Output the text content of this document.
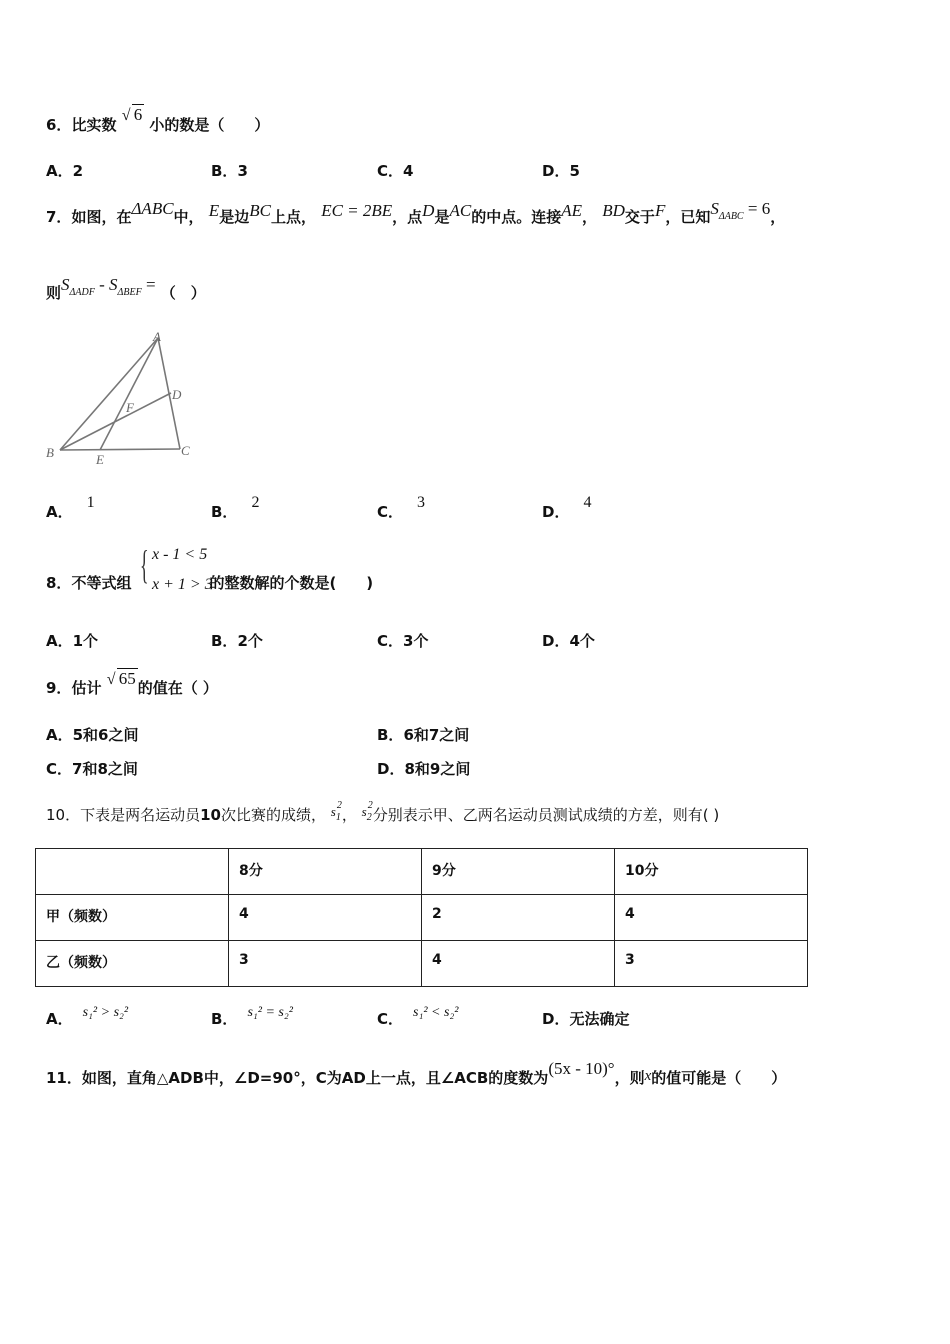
6．比实数
√ 6 小的数是（　　）
A．2	B．3	C．4	D．5
7．如图，在ΔABC中， E是边BC上点， EC = 2BE，点D是AC的中点。连接AE， BD交于F，已知$S_{\Delta ABC} = 6$，
则$S_{\Delta ADF} - S_{\Delta BEF}$ = （　）
A
B	C
D
E
F
A．1
B．2
C．3
D．4
8．不等式组	的整数解的个数是(　　)
{ x - 1 < 5
x + 1 > 3
A．1个	B．2个	C．3个	D．4个
9．估计 √ 65 的值在（ ）
A．5和6之间	B．6和7之间
C．7和8之间	D．8和9之间
10．下表是两名运动员10次比赛的成绩， $s_1^2$， $s_2^2$分别表示甲、乙两名运动员测试成绩的方差，则有( )
	8分	9分	10分
甲（频数）	4	2	4
乙（频数）	3	4	3
A． s₁² > s₂²	B． s₁² = s₂²	C． s₁² < s₂²	D．无法确定
11．如图，直角△ADB中，∠D=90°，C为AD上一点，且∠ACB的度数为(5x - 10)°，则x的值可能是（　　）
